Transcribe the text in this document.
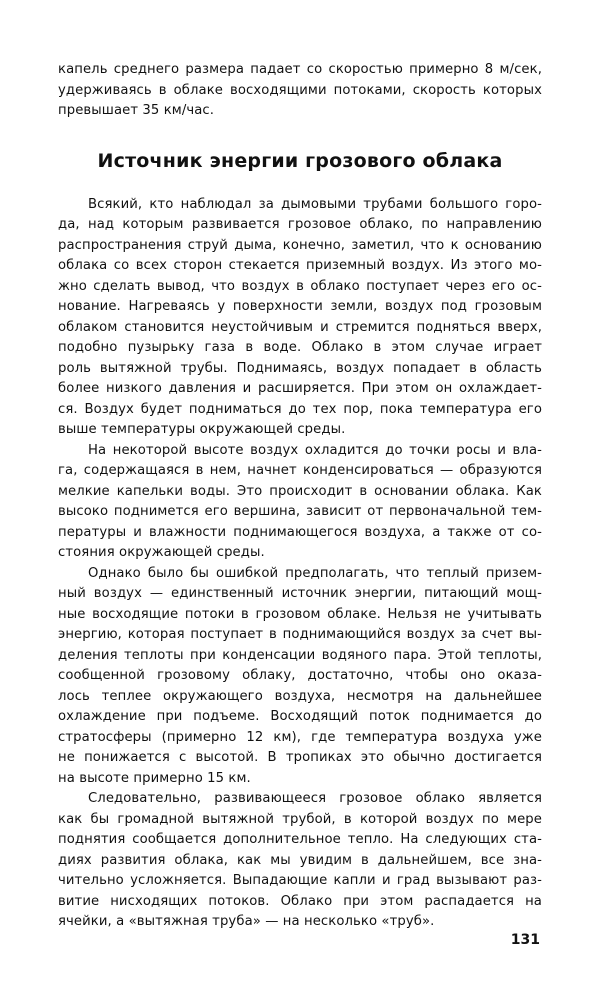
капель среднего размера падает со скоростью примерно 8 м/сек,
удерживаясь в облаке восходящими потоками, скорость которых
превышает 35 км/час.
Источник энергии грозового облака
Всякий, кто наблюдал за дымовыми трубами большого горо-
да, над которым развивается грозовое облако, по направлению
распространения струй дыма, конечно, заметил, что к основанию
облака со всех сторон стекается приземный воздух. Из этого мо-
жно сделать вывод, что воздух в облако поступает через его ос-
нование. Нагреваясь у поверхности земли, воздух под грозовым
облаком становится неустойчивым и стремится подняться вверх,
подобно пузырьку газа в воде. Облако в этом случае играет
роль вытяжной трубы. Поднимаясь, воздух попадает в область
более низкого давления и расширяется. При этом он охлаждает-
ся. Воздух будет подниматься до тех пор, пока температура его
выше температуры окружающей среды.
На некоторой высоте воздух охладится до точки росы и вла-
га, содержащаяся в нем, начнет конденсироваться — образуются
мелкие капельки воды. Это происходит в основании облака. Как
высоко поднимется его вершина, зависит от первоначальной тем-
пературы и влажности поднимающегося воздуха, а также от со-
стояния окружающей среды.
Однако было бы ошибкой предполагать, что теплый призем-
ный воздух — единственный источник энергии, питающий мощ-
ные восходящие потоки в грозовом облаке. Нельзя не учитывать
энергию, которая поступает в поднимающийся воздух за счет вы-
деления теплоты при конденсации водяного пара. Этой теплоты,
сообщенной грозовому облаку, достаточно, чтобы оно оказа-
лось теплее окружающего воздуха, несмотря на дальнейшее
охлаждение при подъеме. Восходящий поток поднимается до
стратосферы (примерно 12 км), где температура воздуха уже
не понижается с высотой. В тропиках это обычно достигается
на высоте примерно 15 км.
Следовательно, развивающееся грозовое облако является
как бы громадной вытяжной трубой, в которой воздух по мере
поднятия сообщается дополнительное тепло. На следующих ста-
диях развития облака, как мы увидим в дальнейшем, все зна-
чительно усложняется. Выпадающие капли и град вызывают раз-
витие нисходящих потоков. Облако при этом распадается на
ячейки, а «вытяжная труба» — на несколько «труб».
131
